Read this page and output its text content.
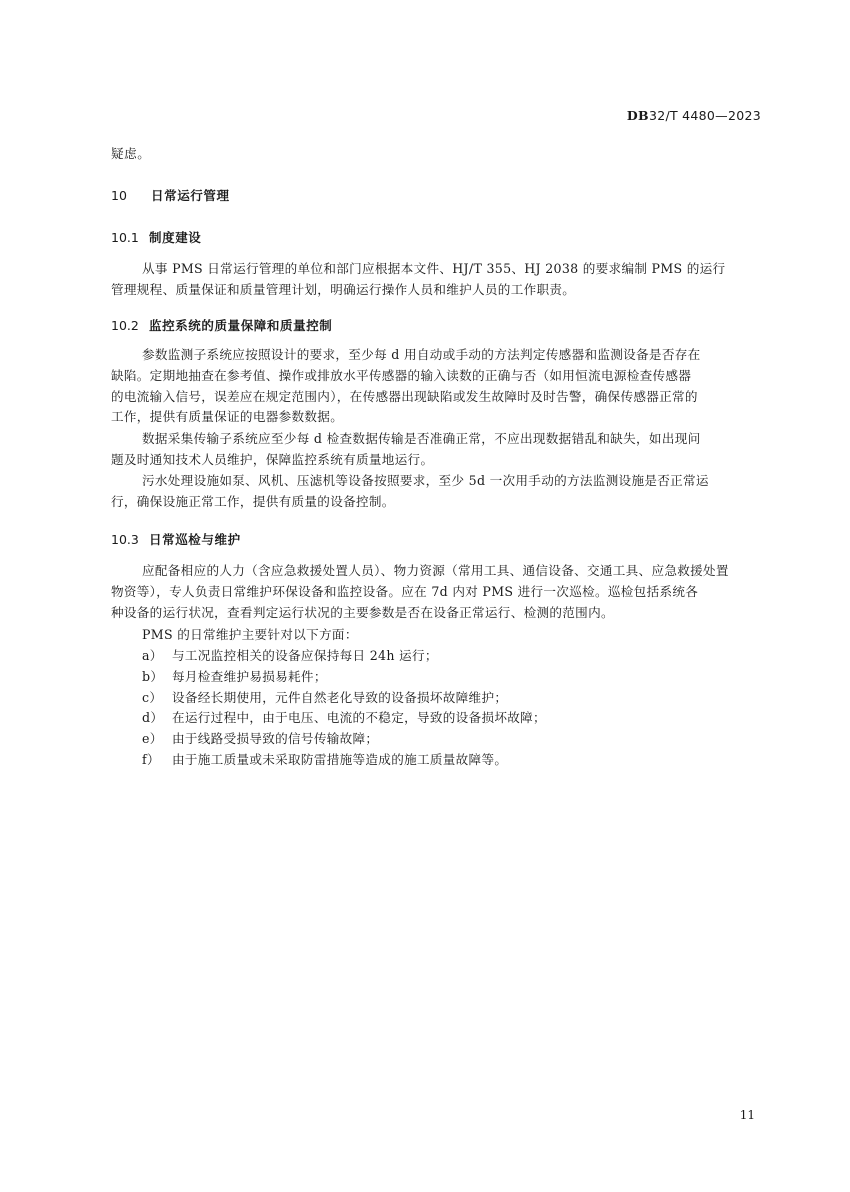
DB32/T 4480—2023
疑虑。
10 日常运行管理
10.1 制度建设
从事 PMS 日常运行管理的单位和部门应根据本文件、HJ/T 355、HJ 2038 的要求编制 PMS 的运行
管理规程、质量保证和质量管理计划，明确运行操作人员和维护人员的工作职责。
10.2 监控系统的质量保障和质量控制
参数监测子系统应按照设计的要求，至少每 d 用自动或手动的方法判定传感器和监测设备是否存在
缺陷。定期地抽查在参考值、操作或排放水平传感器的输入读数的正确与否（如用恒流电源检查传感器
的电流输入信号，误差应在规定范围内），在传感器出现缺陷或发生故障时及时告警，确保传感器正常的
工作，提供有质量保证的电器参数数据。
数据采集传输子系统应至少每 d 检查数据传输是否准确正常，不应出现数据错乱和缺失，如出现问
题及时通知技术人员维护，保障监控系统有质量地运行。
污水处理设施如泵、风机、压滤机等设备按照要求，至少 5d 一次用手动的方法监测设施是否正常运
行，确保设施正常工作，提供有质量的设备控制。
10.3 日常巡检与维护
应配备相应的人力（含应急救援处置人员）、物力资源（常用工具、通信设备、交通工具、应急救援处置
物资等），专人负责日常维护环保设备和监控设备。应在 7d 内对 PMS 进行一次巡检。巡检包括系统各
种设备的运行状况，查看判定运行状况的主要参数是否在设备正常运行、检测的范围内。
PMS 的日常维护主要针对以下方面：
a） 与工况监控相关的设备应保持每日 24h 运行；
b） 每月检查维护易损易耗件；
c） 设备经长期使用，元件自然老化导致的设备损坏故障维护；
d） 在运行过程中，由于电压、电流的不稳定，导致的设备损坏故障；
e） 由于线路受损导致的信号传输故障；
f） 由于施工质量或未采取防雷措施等造成的施工质量故障等。
11
